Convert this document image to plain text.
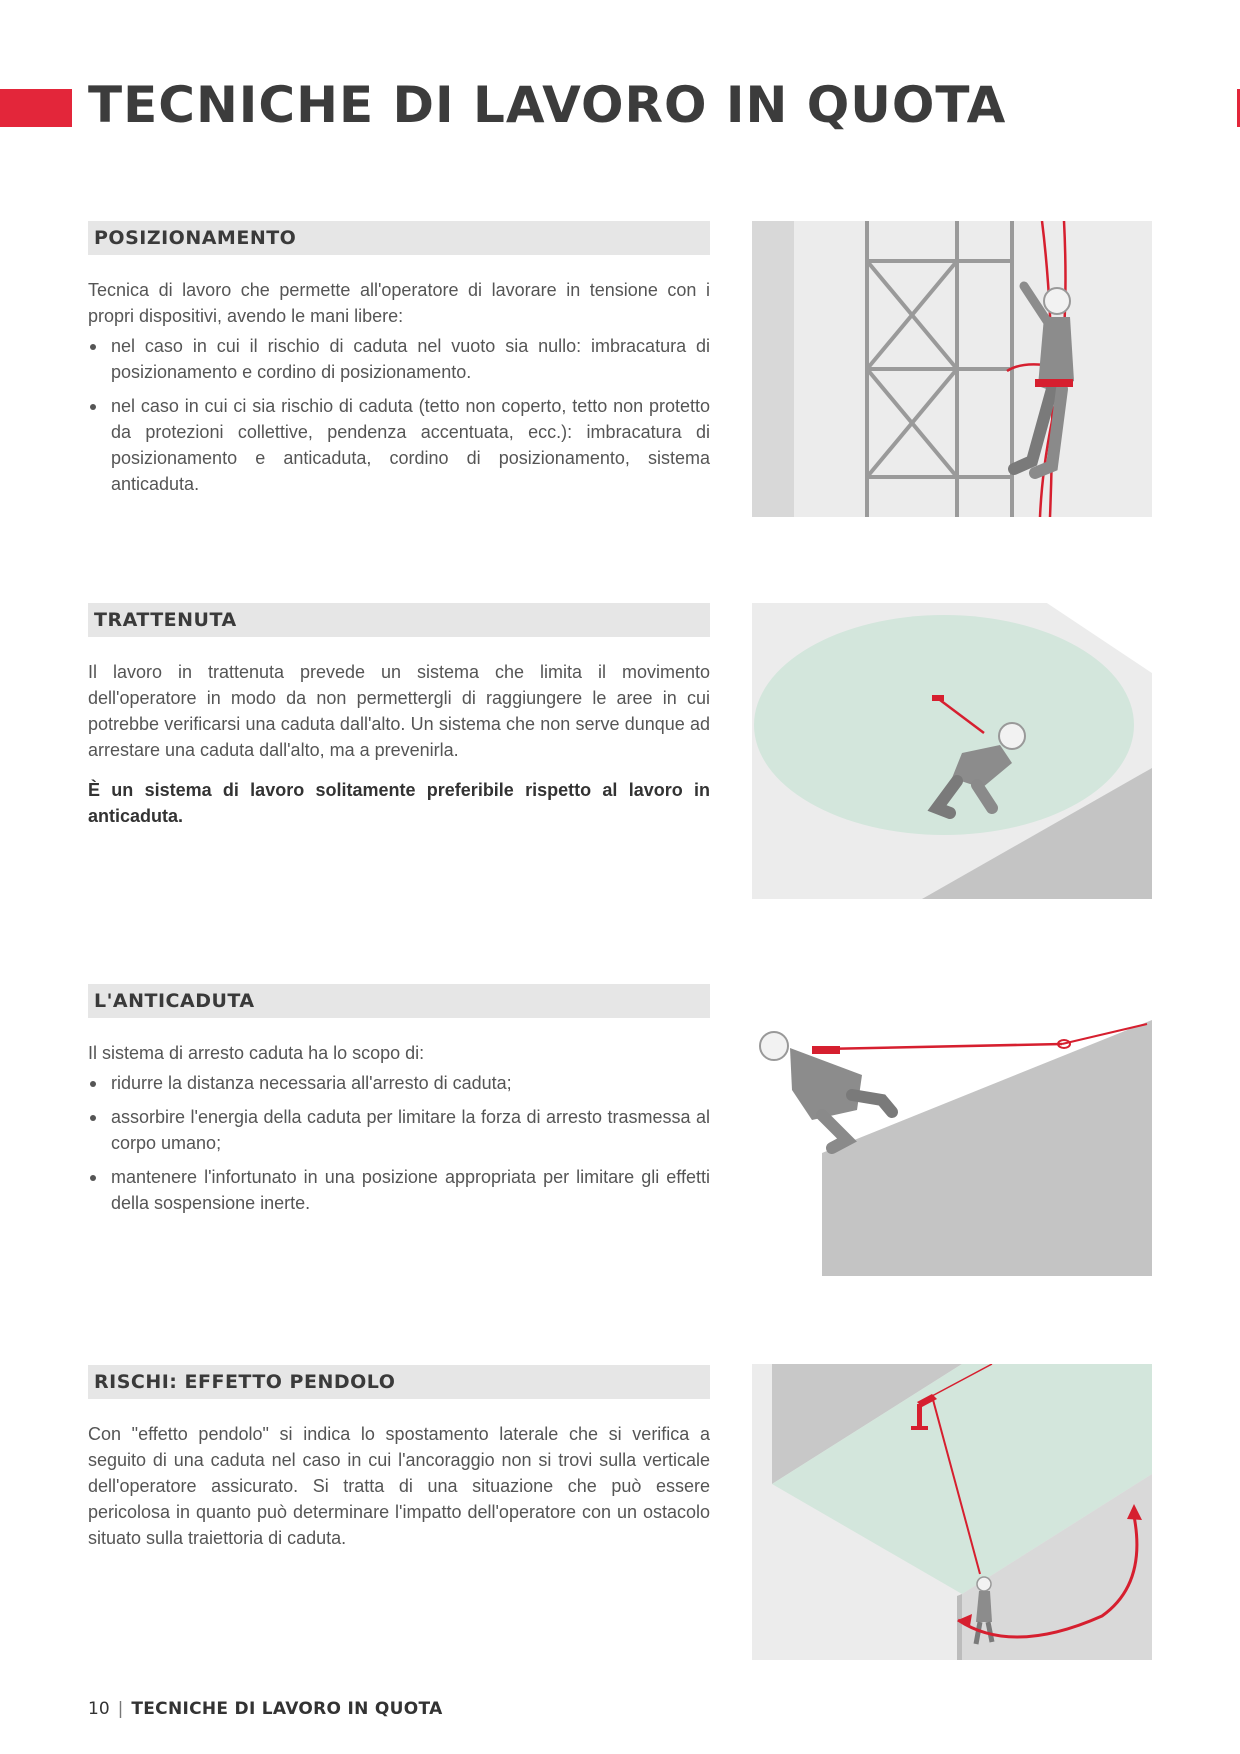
TECNICHE DI LAVORO IN QUOTA
POSIZIONAMENTO

Tecnica di lavoro che permette all'operatore di lavorare in tensione con i propri dispositivi, avendo le mani libere:

nel caso in cui il rischio di caduta nel vuoto sia nullo: imbracatura di posizionamento e cordino di posizionamento.
nel caso in cui ci sia rischio di caduta (tetto non coperto, tetto non protetto da protezioni collettive, pendenza accentuata, ecc.): imbracatura di posizionamento e anticaduta, cordino di posizionamento, sistema anticaduta.
TRATTENUTA

Il lavoro in trattenuta prevede un sistema che limita il movimento dell'operatore in modo da non permettergli di raggiungere le aree in cui potrebbe verificarsi una caduta dall'alto. Un sistema che non serve dunque ad arrestare una caduta dall'alto, ma a prevenirla.

È un sistema di lavoro solitamente preferibile rispetto al lavoro in anticaduta.

L'ANTICADUTA

Il sistema di arresto caduta ha lo scopo di:

ridurre la distanza necessaria all'arresto di caduta;
assorbire l'energia della caduta per limitare la forza di arresto trasmessa al corpo umano;
mantenere l'infortunato in una posizione appropriata per limitare gli effetti della sospensione inerte.
RISCHI: EFFETTO PENDOLO

Con "effetto pendolo" si indica lo spostamento laterale che si verifica a seguito di una caduta nel caso in cui l'ancoraggio non si trovi sulla verticale dell'operatore assicurato. Si tratta di una situazione che può essere pericolosa in quanto può determinare l'impatto dell'operatore con un ostacolo situato sulla traiettoria di caduta.

10 | TECNICHE DI LAVORO IN QUOTA
